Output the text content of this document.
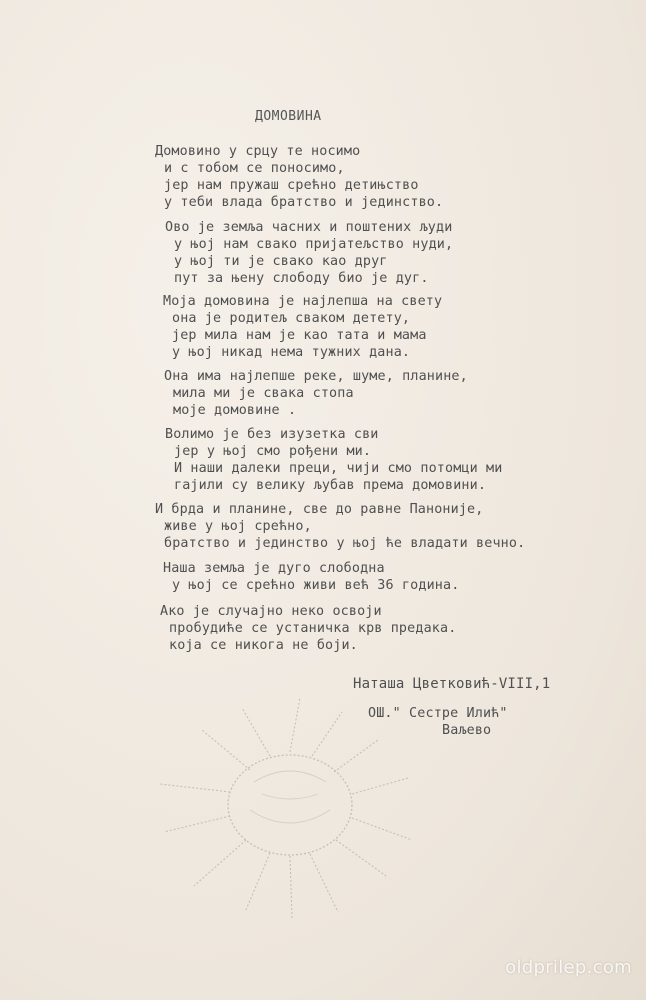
ДОМОВИНА
Домовино у срцу те носимо
и с тобом се поносимо,
јер нам пружаш срећно детињство
у теби влада братство и јединство.
Ово је земља часних и поштених људи
у њој нам свако пријатељство нуди,
у њој ти је свако као друг
пут за њену слободу био је дуг.
Моја домовина је најлепша на свету
она је родитељ сваком детету,
јер мила нам је као тата и мама
у њој никад нема тужних дана.
Она има најлепше реке, шуме, планине,
мила ми је свака стопа
моје домовине .
Волимо је без изузетка сви
јер у њој смо рођени ми.
И наши далеки преци, чији смо потомци ми
гајили су велику љубав према домовини.
И брда и планине, све до равне Паноније,
живе у њој срећно,
братство и јединство у њој ће владати вечно.
Наша земља је дуго слободна
у њој се срећно живи већ 36 година.
Ако је случајно неко освоји
пробудиће се устаничка крв предака.
која се никога не боји.
Наташа Цветковић-VIII,1
ОШ." Сестре Илић"
Ваљево
oldprilep.com
